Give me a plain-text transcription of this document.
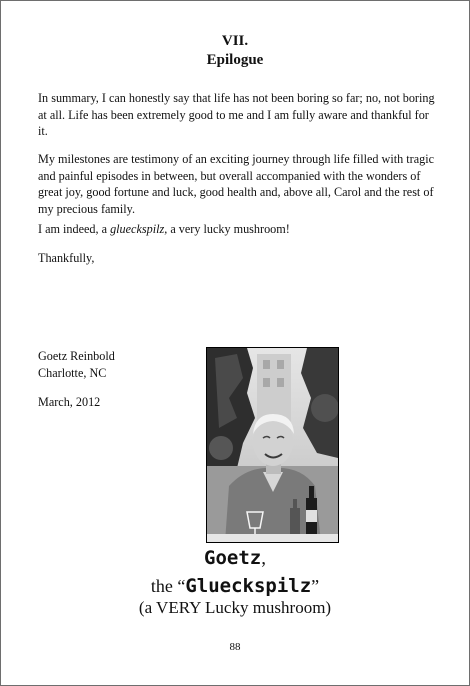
VII.
Epilogue
In summary, I can honestly say that life has not been boring so far; no, not boring at all. Life has been extremely good to me and I am fully aware and thankful for it.
My milestones are testimony of an exciting journey through life filled with tragic and painful episodes in between, but overall accompanied with the wonders of great joy, good fortune and luck, good health and, above all, Carol and the rest of my precious family.
I am indeed, a glueckspilz, a very lucky mushroom!
Thankfully,
Goetz Reinbold
Charlotte, NC
March, 2012
Goetz,
the “Glueckspilz”
(a VERY Lucky mushroom)
88
